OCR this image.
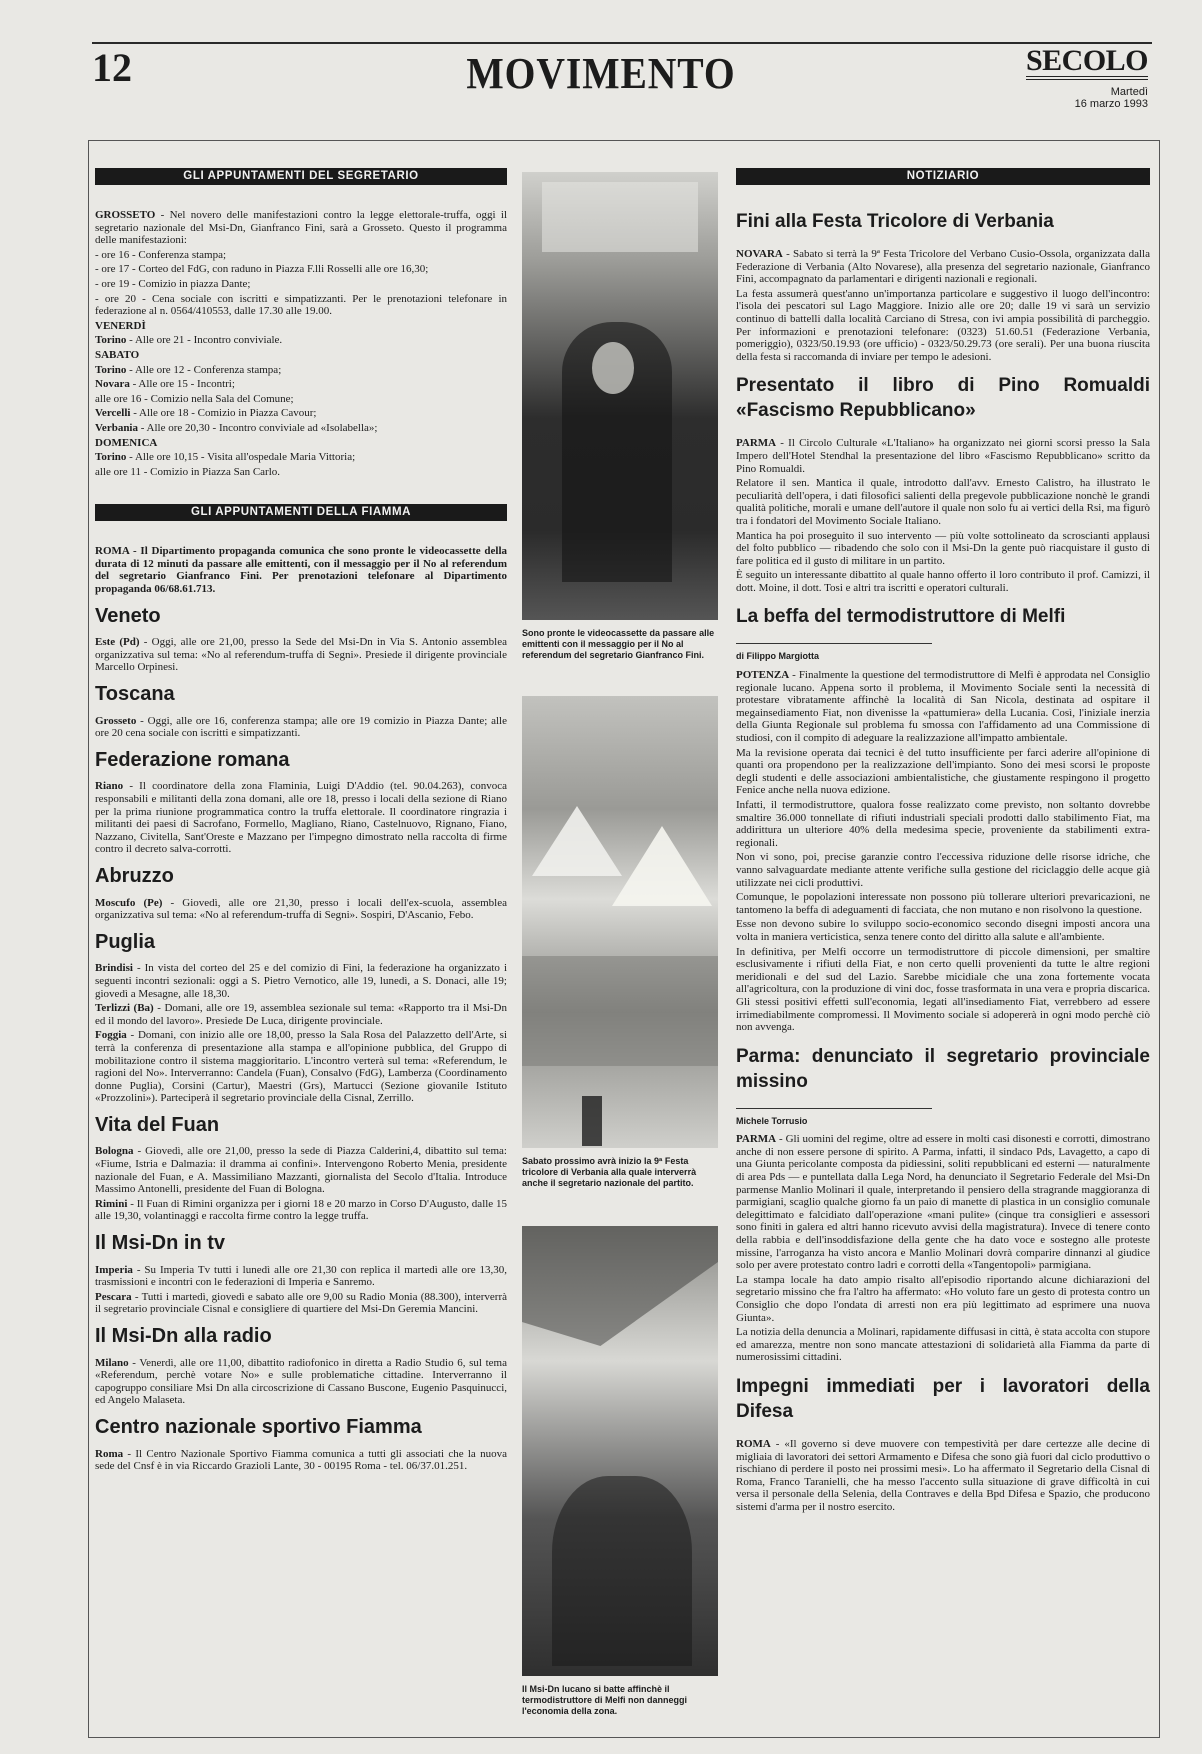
12	MOVIMENTO	SECOLO
Martedì
16 marzo 1993
GLI APPUNTAMENTI DEL SEGRETARIO

GROSSETO - Nel novero delle manifestazioni contro la legge elettorale-truffa, oggi il segretario nazionale del Msi-Dn, Gianfranco Fini, sarà a Grosseto. Questo il programma delle manifestazioni:

- ore 16 - Conferenza stampa;

- ore 17 - Corteo del FdG, con raduno in Piazza F.lli Rosselli alle ore 16,30;

- ore 19 - Comizio in piazza Dante;

- ore 20 - Cena sociale con iscritti e simpatizzanti. Per le prenotazioni telefonare in federazione al n. 0564/410553, dalle 17.30 alle 19.00.

VENERDÌ

Torino - Alle ore 21 - Incontro conviviale.

SABATO

Torino - Alle ore 12 - Conferenza stampa;

Novara - Alle ore 15 - Incontri;

alle ore 16 - Comizio nella Sala del Comune;

Vercelli - Alle ore 18 - Comizio in Piazza Cavour;

Verbania - Alle ore 20,30 - Incontro conviviale ad «Isolabella»;

DOMENICA

Torino - Alle ore 10,15 - Visita all'ospedale Maria Vittoria;

alle ore 11 - Comizio in Piazza San Carlo.

GLI APPUNTAMENTI DELLA FIAMMA

ROMA - Il Dipartimento propaganda comunica che sono pronte le videocassette della durata di 12 minuti da passare alle emittenti, con il messaggio per il No al referendum del segretario Gianfranco Fini. Per prenotazioni telefonare al Dipartimento propaganda 06/68.61.713.

Veneto

Este (Pd) - Oggi, alle ore 21,00, presso la Sede del Msi-Dn in Via S. Antonio assemblea organizzativa sul tema: «No al referendum-truffa di Segni». Presiede il dirigente provinciale Marcello Orpinesi.

Toscana

Grosseto - Oggi, alle ore 16, conferenza stampa; alle ore 19 comizio in Piazza Dante; alle ore 20 cena sociale con iscritti e simpatizzanti.

Federazione romana

Riano - Il coordinatore della zona Flaminia, Luigi D'Addio (tel. 90.04.263), convoca responsabili e militanti della zona domani, alle ore 18, presso i locali della sezione di Riano per la prima riunione programmatica contro la truffa elettorale. Il coordinatore ringrazia i militanti dei paesi di Sacrofano, Formello, Magliano, Riano, Castelnuovo, Rignano, Fiano, Nazzano, Civitella, Sant'Oreste e Mazzano per l'impegno dimostrato nella raccolta di firme contro il decreto salva-corrotti.

Abruzzo

Moscufo (Pe) - Giovedì, alle ore 21,30, presso i locali dell'ex-scuola, assemblea organizzativa sul tema: «No al referendum-truffa di Segni». Sospiri, D'Ascanio, Febo.

Puglia

Brindisi - In vista del corteo del 25 e del comizio di Fini, la federazione ha organizzato i seguenti incontri sezionali: oggi a S. Pietro Vernotico, alle 19, lunedì, a S. Donaci, alle 19; giovedì a Mesagne, alle 18,30.

Terlizzi (Ba) - Domani, alle ore 19, assemblea sezionale sul tema: «Rapporto tra il Msi-Dn ed il mondo del lavoro». Presiede De Luca, dirigente provinciale.

Foggia - Domani, con inizio alle ore 18,00, presso la Sala Rosa del Palazzetto dell'Arte, si terrà la conferenza di presentazione alla stampa e all'opinione pubblica, del Gruppo di mobilitazione contro il sistema maggioritario. L'incontro verterà sul tema: «Referendum, le ragioni del No». Interverranno: Candela (Fuan), Consalvo (FdG), Lamberza (Coordinamento donne Puglia), Corsini (Cartur), Maestri (Grs), Martucci (Sezione giovanile Istituto «Prozzolini»). Parteciperà il segretario provinciale della Cisnal, Zerrillo.

Vita del Fuan

Bologna - Giovedì, alle ore 21,00, presso la sede di Piazza Calderini,4, dibattito sul tema: «Fiume, Istria e Dalmazia: il dramma ai confini». Intervengono Roberto Menia, presidente nazionale del Fuan, e A. Massimiliano Mazzanti, giornalista del Secolo d'Italia. Introduce Massimo Antonelli, presidente del Fuan di Bologna.

Rimini - Il Fuan di Rimini organizza per i giorni 18 e 20 marzo in Corso D'Augusto, dalle 15 alle 19,30, volantinaggi e raccolta firme contro la legge truffa.

Il Msi-Dn in tv

Imperia - Su Imperia Tv tutti i lunedì alle ore 21,30 con replica il martedì alle ore 13,30, trasmissioni e incontri con le federazioni di Imperia e Sanremo.

Pescara - Tutti i martedì, giovedì e sabato alle ore 9,00 su Radio Monia (88.300), interverrà il segretario provinciale Cisnal e consigliere di quartiere del Msi-Dn Geremia Mancini.

Il Msi-Dn alla radio

Milano - Venerdì, alle ore 11,00, dibattito radiofonico in diretta a Radio Studio 6, sul tema «Referendum, perchè votare No» e sulle problematiche cittadine. Interverranno il capogruppo consiliare Msi Dn alla circoscrizione di Cassano Buscone, Eugenio Pasquinucci, ed Angelo Malaseta.

Centro nazionale sportivo Fiamma

Roma - Il Centro Nazionale Sportivo Fiamma comunica a tutti gli associati che la nuova sede del Cnsf è in via Riccardo Grazioli Lante, 30 - 00195 Roma - tel. 06/37.01.251.

Sono pronte le videocassette da passare alle emittenti con il messaggio per il No al referendum del segretario Gianfranco Fini.
Sabato prossimo avrà inizio la 9ª Festa tricolore di Verbania alla quale interverrà anche il segretario nazionale del partito.
Il Msi-Dn lucano si batte affinchè il termodistruttore di Melfi non danneggi l'economia della zona.
NOTIZIARIO
Fini alla Festa Tricolore di Verbania

NOVARA - Sabato si terrà la 9ª Festa Tricolore del Verbano Cusio-Ossola, organizzata dalla Federazione di Verbania (Alto Novarese), alla presenza del segretario nazionale, Gianfranco Fini, accompagnato da parlamentari e dirigenti nazionali e regionali.

La festa assumerà quest'anno un'importanza particolare e suggestivo il luogo dell'incontro: l'isola dei pescatori sul Lago Maggiore. Inizio alle ore 20; dalle 19 vi sarà un servizio continuo di battelli dalla località Carciano di Stresa, con ivi ampia possibilità di parcheggio. Per informazioni e prenotazioni telefonare: (0323) 51.60.51 (Federazione Verbania, pomeriggio), 0323/50.19.93 (ore ufficio) - 0323/50.29.73 (ore serali). Per una buona riuscita della festa si raccomanda di inviare per tempo le adesioni.

Presentato il libro di Pino Romualdi «Fascismo Repubblicano»

PARMA - Il Circolo Culturale «L'Italiano» ha organizzato nei giorni scorsi presso la Sala Impero dell'Hotel Stendhal la presentazione del libro «Fascismo Repubblicano» scritto da Pino Romualdi.

Relatore il sen. Mantica il quale, introdotto dall'avv. Ernesto Calistro, ha illustrato le peculiarità dell'opera, i dati filosofici salienti della pregevole pubblicazione nonchè le grandi qualità politiche, morali e umane dell'autore il quale non solo fu ai vertici della Rsi, ma figurò tra i fondatori del Movimento Sociale Italiano.

Mantica ha poi proseguito il suo intervento — più volte sottolineato da scroscianti applausi del folto pubblico — ribadendo che solo con il Msi-Dn la gente può riacquistare il gusto di fare politica ed il gusto di militare in un partito.

È seguito un interessante dibattito al quale hanno offerto il loro contributo il prof. Camizzi, il dott. Moine, il dott. Tosi e altri tra iscritti e operatori culturali.

La beffa del termodistruttore di Melfi
di Filippo Margiotta

POTENZA - Finalmente la questione del termodistruttore di Melfi è approdata nel Consiglio regionale lucano. Appena sorto il problema, il Movimento Sociale sentì la necessità di protestare vibratamente affinchè la località di San Nicola, destinata ad ospitare il megainsediamento Fiat, non divenisse la «pattumiera» della Lucania. Così, l'iniziale inerzia della Giunta Regionale sul problema fu smossa con l'affidamento ad una Commissione di studiosi, con il compito di adeguare la realizzazione all'impatto ambientale.

Ma la revisione operata dai tecnici è del tutto insufficiente per farci aderire all'opinione di quanti ora propendono per la realizzazione dell'impianto. Sono dei mesi scorsi le proposte degli studenti e delle associazioni ambientalistiche, che giustamente respingono il progetto Fenice anche nella nuova edizione.

Infatti, il termodistruttore, qualora fosse realizzato come previsto, non soltanto dovrebbe smaltire 36.000 tonnellate di rifiuti industriali speciali prodotti dallo stabilimento Fiat, ma addirittura un ulteriore 40% della medesima specie, proveniente da stabilimenti extra-regionali.

Non vi sono, poi, precise garanzie contro l'eccessiva riduzione delle risorse idriche, che vanno salvaguardate mediante attente verifiche sulla gestione del riciclaggio delle acque già utilizzate nei cicli produttivi.

Comunque, le popolazioni interessate non possono più tollerare ulteriori prevaricazioni, ne tantomeno la beffa di adeguamenti di facciata, che non mutano e non risolvono la questione.

Esse non devono subire lo sviluppo socio-economico secondo disegni imposti ancora una volta in maniera verticistica, senza tenere conto del diritto alla salute e all'ambiente.

In definitiva, per Melfi occorre un termodistruttore di piccole dimensioni, per smaltire esclusivamente i rifiuti della Fiat, e non certo quelli provenienti da tutte le altre regioni meridionali e del sud del Lazio. Sarebbe micidiale che una zona fortemente vocata all'agricoltura, con la produzione di vini doc, fosse trasformata in una vera e propria discarica. Gli stessi positivi effetti sull'economia, legati all'insediamento Fiat, verrebbero ad essere irrimediabilmente compromessi. Il Movimento sociale si adopererà in ogni modo perchè ciò non avvenga.

Parma: denunciato il segretario provinciale missino
Michele Torrusio

PARMA - Gli uomini del regime, oltre ad essere in molti casi disonesti e corrotti, dimostrano anche di non essere persone di spirito. A Parma, infatti, il sindaco Pds, Lavagetto, a capo di una Giunta pericolante composta da pidiessini, soliti repubblicani ed esterni — naturalmente di area Pds — e puntellata dalla Lega Nord, ha denunciato il Segretario Federale del Msi-Dn parmense Manlio Molinari il quale, interpretando il pensiero della stragrande maggioranza di parmigiani, scaglio qualche giorno fa un paio di manette di plastica in un consiglio comunale delegittimato e falcidiato dall'operazione «mani pulite» (cinque tra consiglieri e assessori sono finiti in galera ed altri hanno ricevuto avvisi della magistratura). Invece di tenere conto della rabbia e dell'insoddisfazione della gente che ha dato voce e sostegno alle proteste missine, l'arroganza ha visto ancora e Manlio Molinari dovrà comparire dinnanzi al giudice solo per avere protestato contro ladri e corrotti della «Tangentopoli» parmigiana.

La stampa locale ha dato ampio risalto all'episodio riportando alcune dichiarazioni del segretario missino che fra l'altro ha affermato: «Ho voluto fare un gesto di protesta contro un Consiglio che dopo l'ondata di arresti non era più legittimato ad esprimere una nuova Giunta».

La notizia della denuncia a Molinari, rapidamente diffusasi in città, è stata accolta con stupore ed amarezza, mentre non sono mancate attestazioni di solidarietà alla Fiamma da parte di numerosissimi cittadini.

Impegni immediati per i lavoratori della Difesa

ROMA - «Il governo si deve muovere con tempestività per dare certezze alle decine di migliaia di lavoratori dei settori Armamento e Difesa che sono già fuori dal ciclo produttivo o rischiano di perdere il posto nei prossimi mesi». Lo ha affermato il Segretario della Cisnal di Roma, Franco Taranielli, che ha messo l'accento sulla situazione di grave difficoltà in cui versa il personale della Selenia, della Contraves e della Bpd Difesa e Spazio, che producono sistemi d'arma per il nostro esercito.
